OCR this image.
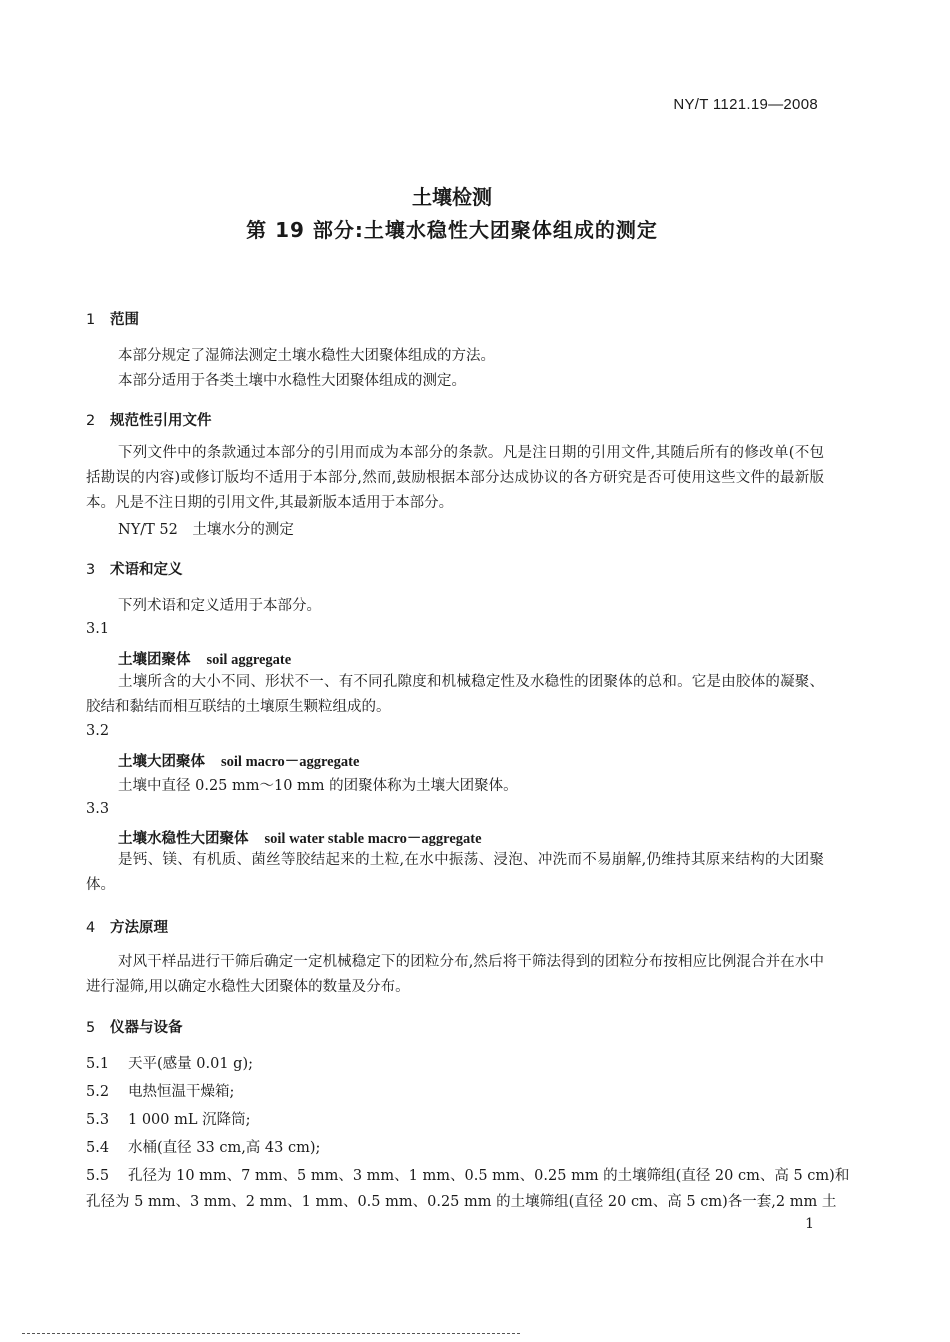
NY/T 1121.19—2008
土壤检测
第 19 部分:土壤水稳性大团聚体组成的测定
1 范围
本部分规定了湿筛法测定土壤水稳性大团聚体组成的方法。
本部分适用于各类土壤中水稳性大团聚体组成的测定。
2 规范性引用文件
下列文件中的条款通过本部分的引用而成为本部分的条款。凡是注日期的引用文件,其随后所有的修改单(不包括勘误的内容)或修订版均不适用于本部分,然而,鼓励根据本部分达成协议的各方研究是否可使用这些文件的最新版本。凡是不注日期的引用文件,其最新版本适用于本部分。
NY/T 52　土壤水分的测定
3 术语和定义
下列术语和定义适用于本部分。
3.1
土壤团聚体 soil aggregate
土壤所含的大小不同、形状不一、有不同孔隙度和机械稳定性及水稳性的团聚体的总和。它是由胶体的凝聚、胶结和黏结而相互联结的土壤原生颗粒组成的。
3.2
土壤大团聚体 soil macro－aggregate
土壤中直径 0.25 mm～10 mm 的团聚体称为土壤大团聚体。
3.3
土壤水稳性大团聚体 soil water stable macro－aggregate
是钙、镁、有机质、菌丝等胶结起来的土粒,在水中振荡、浸泡、冲洗而不易崩解,仍维持其原来结构的大团聚体。
4 方法原理
对风干样品进行干筛后确定一定机械稳定下的团粒分布,然后将干筛法得到的团粒分布按相应比例混合并在水中进行湿筛,用以确定水稳性大团聚体的数量及分布。
5 仪器与设备
5.1 天平(感量 0.01 g);
5.2 电热恒温干燥箱;
5.3 1 000 mL 沉降筒;
5.4 水桶(直径 33 cm,高 43 cm);
5.5 孔径为 10 mm、7 mm、5 mm、3 mm、1 mm、0.5 mm、0.25 mm 的土壤筛组(直径 20 cm、高 5 cm)和
孔径为 5 mm、3 mm、2 mm、1 mm、0.5 mm、0.25 mm 的土壤筛组(直径 20 cm、高 5 cm)各一套,2 mm 土
1
